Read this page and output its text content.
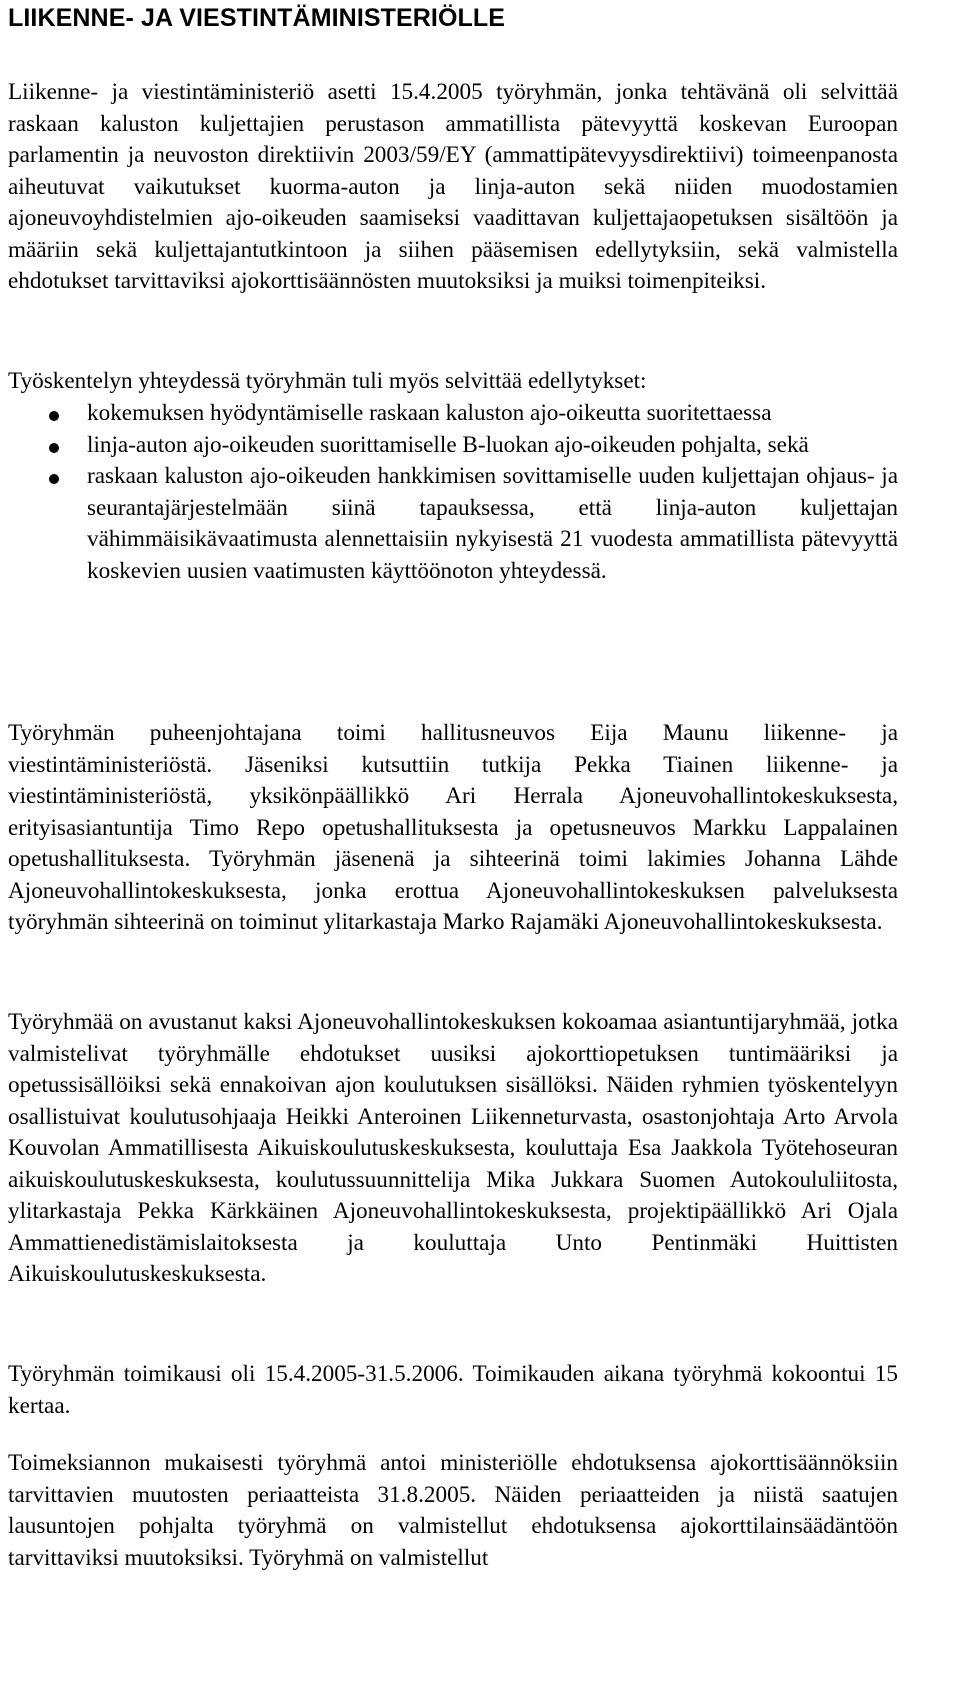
LIIKENNE- JA VIESTINTÄMINISTERIÖLLE

Liikenne- ja viestintäministeriö asetti 15.4.2005 työryhmän, jonka tehtävänä oli selvittää raskaan kaluston kuljettajien perustason ammatillista pätevyyttä koskevan Euroopan parlamentin ja neuvoston direktiivin 2003/59/EY (ammattipätevyysdirektiivi) toimeenpanosta aiheutuvat vaikutukset kuorma-auton ja linja-auton sekä niiden muodostamien ajoneuvoyhdistelmien ajo-oikeuden saamiseksi vaadittavan kuljettajaopetuksen sisältöön ja määriin sekä kuljettajantutkintoon ja siihen pääsemisen edellytyksiin, sekä valmistella ehdotukset tarvittaviksi ajokorttisäännösten muutoksiksi ja muiksi toimenpiteiksi.

Työskentelyn yhteydessä työryhmän tuli myös selvittää edellytykset:

kokemuksen hyödyntämiselle raskaan kaluston ajo-oikeutta suoritettaessa
linja-auton ajo-oikeuden suorittamiselle B-luokan ajo-oikeuden pohjalta, sekä
raskaan kaluston ajo-oikeuden hankkimisen sovittamiselle uuden kuljettajan ohjaus- ja seurantajärjestelmään siinä tapauksessa, että linja-auton kuljettajan vähimmäisikävaatimusta alennettaisiin nykyisestä 21 vuodesta ammatillista pätevyyttä koskevien uusien vaatimusten käyttöönoton yhteydessä.

Työryhmän puheenjohtajana toimi hallitusneuvos Eija Maunu liikenne- ja viestintäministeriöstä. Jäseniksi kutsuttiin tutkija Pekka Tiainen liikenne- ja viestintäministeriöstä, yksikönpäällikkö Ari Herrala Ajoneuvohallintokeskuksesta, erityisasiantuntija Timo Repo opetushallituksesta ja opetusneuvos Markku Lappalainen opetushallituksesta. Työryhmän jäsenenä ja sihteerinä toimi lakimies Johanna Lähde Ajoneuvohallintokeskuksesta, jonka erottua Ajoneuvohallintokeskuksen palveluksesta työryhmän sihteerinä on toiminut ylitarkastaja Marko Rajamäki Ajoneuvohallintokeskuksesta.

Työryhmää on avustanut kaksi Ajoneuvohallintokeskuksen kokoamaa asiantuntijaryhmää, jotka valmistelivat työryhmälle ehdotukset uusiksi ajokorttiopetuksen tuntimääriksi ja opetussisällöiksi sekä ennakoivan ajon koulutuksen sisällöksi. Näiden ryhmien työskentelyyn osallistuivat koulutusohjaaja Heikki Anteroinen Liikenneturvasta, osastonjohtaja Arto Arvola Kouvolan Ammatillisesta Aikuiskoulutuskeskuksesta, kouluttaja Esa Jaakkola Työtehoseuran aikuiskoulutuskeskuksesta, koulutussuunnittelija Mika Jukkara Suomen Autokoululiitosta, ylitarkastaja Pekka Kärkkäinen Ajoneuvohallintokeskuksesta, projektipäällikkö Ari Ojala Ammattienedistämislaitoksesta ja kouluttaja Unto Pentinmäki Huittisten Aikuiskoulutuskeskuksesta.

Työryhmän toimikausi oli 15.4.2005-31.5.2006. Toimikauden aikana työryhmä kokoontui 15 kertaa.

Toimeksiannon mukaisesti työryhmä antoi ministeriölle ehdotuksensa ajokorttisäännöksiin tarvittavien muutosten periaatteista 31.8.2005. Näiden periaatteiden ja niistä saatujen lausuntojen pohjalta työryhmä on valmistellut ehdotuksensa ajokorttilainsäädäntöön tarvittaviksi muutoksiksi. Työryhmä on valmistellut
